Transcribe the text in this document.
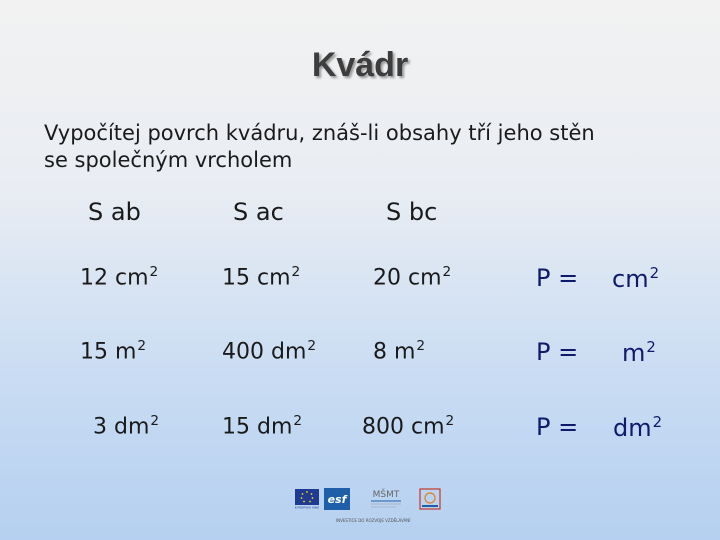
Kvádr
Vypočítej povrch kvádru, znáš-li obsahy tří jeho stěn
se společným vrcholem
S ab	S ac	S bc
12 $cm^2$	15 $cm^2$	20 $cm^2$	$P = cm^2$
15 $m^2$	400 $dm^2$	8 $m^2$	$P = m^2$
3 $dm^2$	15 $dm^2$	800 $cm^2$	$P = dm^2$
EVROPSKÁ UNIE
esf	MŠMT
INVESTICE DO ROZVOJE VZDĚLÁVÁNÍ
